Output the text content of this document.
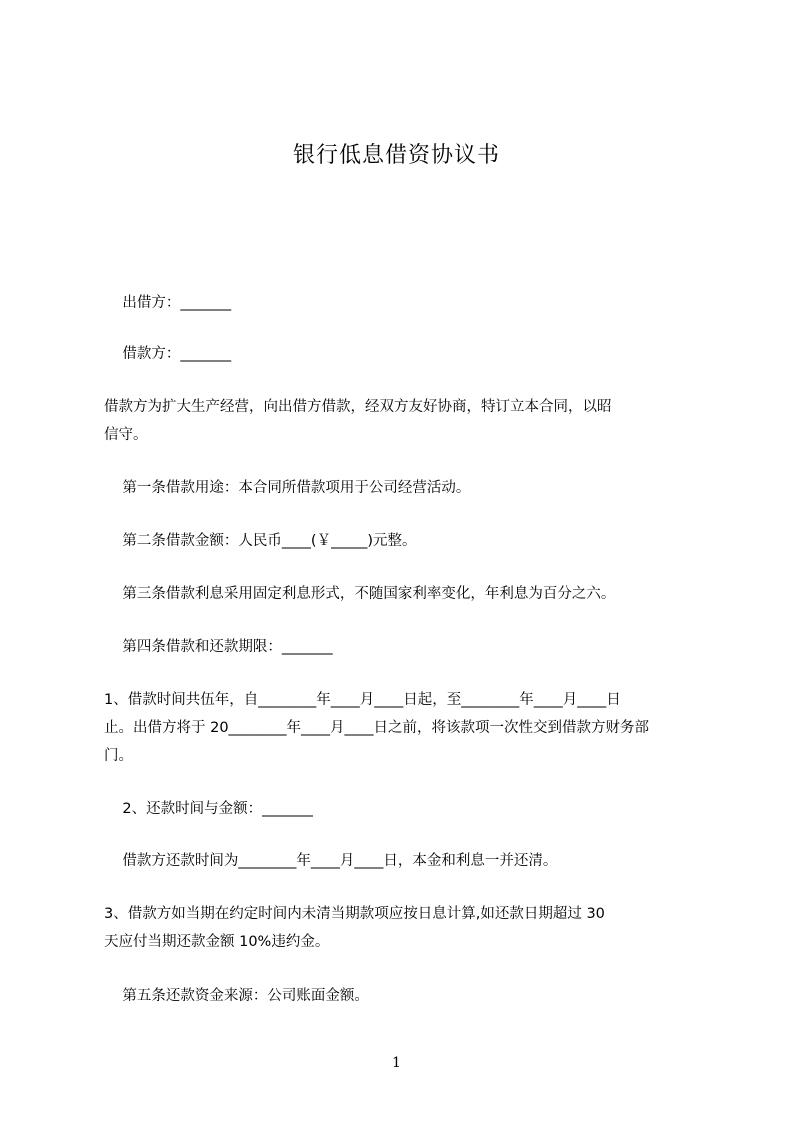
银行低息借资协议书
出借方：_______
借款方：_______
借款方为扩大生产经营，向出借方借款，经双方友好协商，特订立本合同，以昭
信守。
第一条借款用途：本合同所借款项用于公司经营活动。
第二条借款金额：人民币____(￥_____)元整。
第三条借款利息采用固定利息形式，不随国家利率变化，年利息为百分之六。
第四条借款和还款期限：_______
1、借款时间共伍年，自________年____月____日起，至________年____月____日
止。出借方将于 20________年____月____日之前，将该款项一次性交到借款方财务部
门。
2、还款时间与金额：_______
借款方还款时间为________年____月____日，本金和利息一并还清。
3、借款方如当期在约定时间内未清当期款项应按日息计算,如还款日期超过 30
天应付当期还款金额 10%违约金。
第五条还款资金来源：公司账面金额。
1
